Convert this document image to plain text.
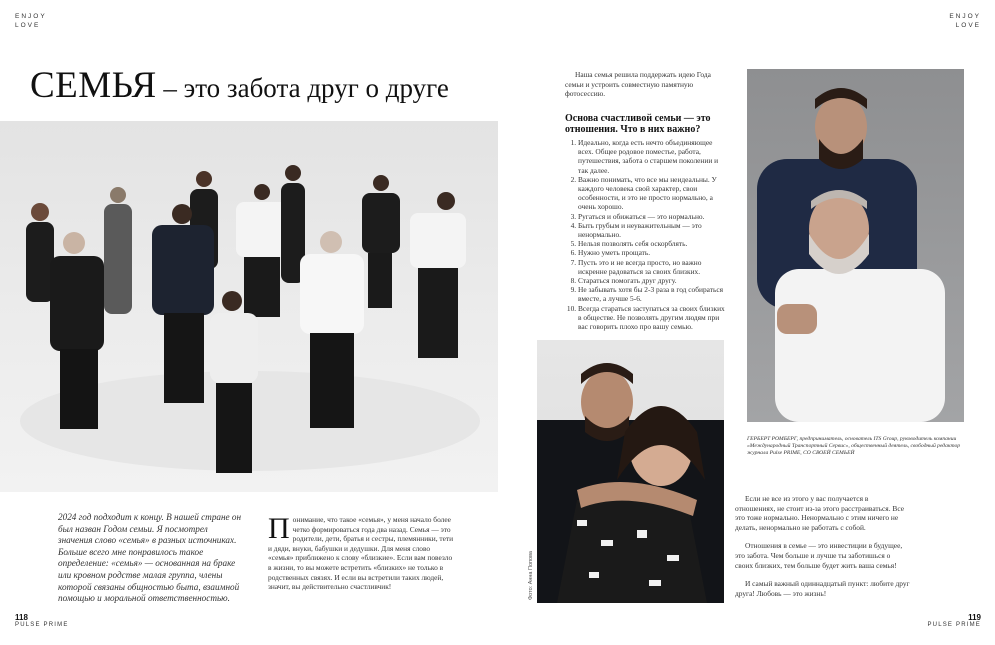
ENJOY
LOVE
ENJOY
LOVE
СЕМЬЯ – это забота друг о друге
2024 год подходит к концу. В нашей стране он был назван Годом семьи. Я посмотрел значения слово «семья» в разных источниках. Больше всего мне понравилось такое определение: «семья» — основанная на браке или кровном родстве малая группа, члены которой связаны общностью быта, взаимной помощью и моральной ответственностью.
Понимание, что такое «семья», у меня начало более четко формироваться года два назад. Семья — это родители, дети, братья и сестры, племянники, тети и дяди, внуки, бабушки и дедушки. Для меня слово «семья» приближено к слову «близкие». Если вам повезло в жизни, то вы можете встретить «близких» не только в родственных связях. И если вы встретили таких людей, значит, вы действительно счастливчик!
Наша семья решила поддержать идею Года семьи и устроить совместную памятную фотосессию.
Основа счастливой семьи — это отношения. Что в них важно?
1. Идеально, когда есть нечто объединяющее всех. Общее родовое поместье, работа, путешествия, забота о старшем поколении и так далее.
2. Важно понимать, что все мы неидеальны. У каждого человека свой характер, свои особенности, и это не просто нормально, а очень хорошо.
3. Ругаться и обижаться — это нормально.
4. Быть грубым и неуважительным — это ненормально.
5. Нельзя позволять себя оскорблять.
6. Нужно уметь прощать.
7. Пусть это и не всегда просто, но важно искренне радоваться за своих близких.
8. Стараться помогать друг другу.
9. Не забывать хотя бы 2-3 раза в год собираться вместе, а лучше 5-6.
10. Всегда стараться заступаться за своих близких в обществе. Не позволять другим людям при вас говорить плохо про вашу семью.
ГЕРБЕРТ РОМБЕРГ, предприниматель, основатель ITS Group, руководитель компании «Международный Транспортный Сервис», общественный деятель, свободный редактор журнала Pulse PRIME, СО СВОЕЙ СЕМЬЕЙ
Фото: Анна Попова

Если не все из этого у вас получается в отношениях, не стоит из-за этого расстраиваться. Все это тоже нормально. Ненормально с этим ничего не делать, ненормально не работать с собой.

Отношения в семье — это инвестиции в будущее, это забота. Чем больше и лучше ты заботишься о своих близких, тем больше будет жить ваша семья!

И самый важный одиннадцатый пункт: любите друг друга! Любовь — это жизнь!

118
PULSE PRIME
119
PULSE PRIME
